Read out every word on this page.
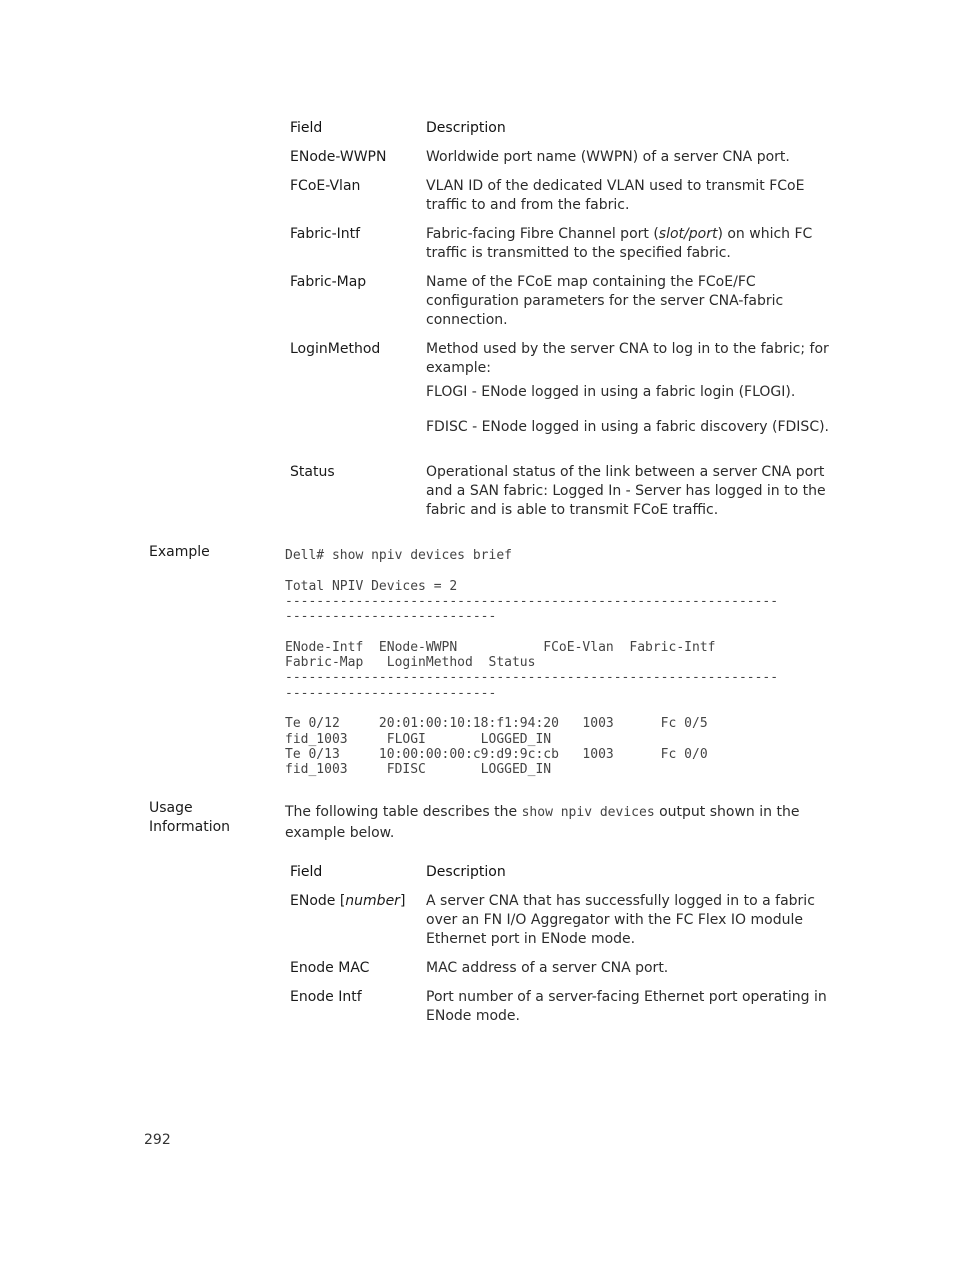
Field	Description
ENode-WWPN	Worldwide port name (WWPN) of a server CNA port.
FCoE-Vlan	VLAN ID of the dedicated VLAN used to transmit FCoE traffic to and from the fabric.
Fabric-Intf	Fabric-facing Fibre Channel port (slot/port) on which FC traffic is transmitted to the specified fabric.
Fabric-Map	Name of the FCoE map containing the FCoE/FC configuration parameters for the server CNA-fabric connection.
LoginMethod	Method used by the server CNA to log in to the fabric; for example:

FLOGI - ENode logged in using a fabric login (FLOGI).

FDISC - ENode logged in using a fabric discovery (FDISC).

Status	Operational status of the link between a server CNA port and a SAN fabric: Logged In - Server has logged in to the fabric and is able to transmit FCoE traffic.
Example	Dell# show npiv devices brief
Total NPIV Devices = 2
---------------------------------------------------------------
---------------------------
ENode-Intf  ENode-WWPN           FCoE-Vlan  Fabric-Intf
Fabric-Map   LoginMethod  Status
---------------------------------------------------------------
---------------------------
Te 0/12     20:01:00:10:18:f1:94:20   1003      Fc 0/5
fid_1003     FLOGI       LOGGED_IN
Te 0/13     10:00:00:00:c9:d9:9c:cb   1003      Fc 0/0
fid_1003     FDISC       LOGGED_IN
Usage
Information
The following table describes the show npiv devices output shown in the example below.
Field	Description
ENode [number]	A server CNA that has successfully logged in to a fabric over an FN I/O Aggregator with the FC Flex IO module Ethernet port in ENode mode.
Enode MAC	MAC address of a server CNA port.
Enode Intf	Port number of a server-facing Ethernet port operating in ENode mode.
292
